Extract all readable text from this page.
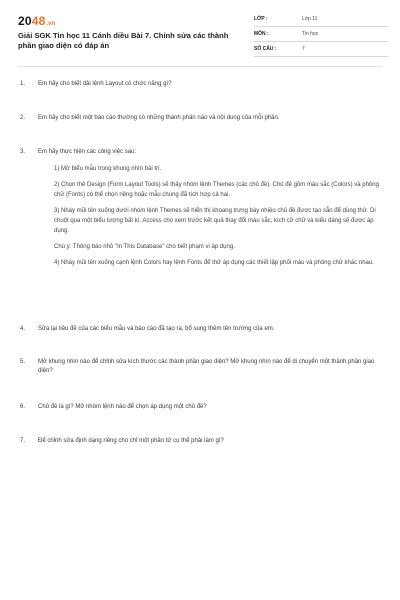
2048 .vn
Giải SGK Tin học 11 Cánh diều Bài 7. Chỉnh sửa các thành phần giao diện có đáp án
LỚP :	Lớp 11
MÔN :	Tin học
SỐ CÂU :	7
1.	Em hãy cho biết dải lệnh Layout có chức năng gì?
2.	Em hãy cho biết một báo cáo thường có những thành phần nào và nội dung của mỗi phần.
3.	Em hãy thực hiện các công việc sau:
1) Mở biểu mẫu trong khung nhìn bài trí.
2) Chọn thẻ Design (Form Layout Tools) sẽ thấy nhóm lệnh Themes (các chủ đề). Chủ đề gồm màu sắc (Colors) và phông chữ (Fonts) có thể chọn riêng hoặc mẫu chung đã tích hợp cả hai.
3) Nháy mũi tên xuống dưới nhóm lệnh Themes sẽ hiển thị khoang trưng bày nhiều chủ đề được tạo sẵn để dùng thử. Di chuột qua một biểu tượng bất kì, Access cho xem trước kết quả thay đổi màu sắc, kích cỡ chữ và kiểu dáng sẽ được áp dụng.
Chú ý: Thông báo nhỏ "In This Database" cho biết phạm vi áp dụng.
4) Nháy mũi tên xuống cạnh lệnh Colors hay lệnh Fonts để thử áp dụng các thiết lập phối màu và phông chữ khác nhau.
4.	Sửa lại tiêu đề của các biểu mẫu và báo cáo đã tạo ra, bổ sung thêm tên trường của em.
5.	Mở khung nhìn nào để chỉnh sửa kích thước các thành phần giao diện? Mở khung nhìn nào để di chuyển một thành phần giao diện?
6.	Chủ đề là gì? Mở nhóm lệnh nào để chọn áp dụng một chủ đề?
7.	Để chỉnh sửa định dạng riêng cho chỉ một phần tử cụ thể phải làm gì?
